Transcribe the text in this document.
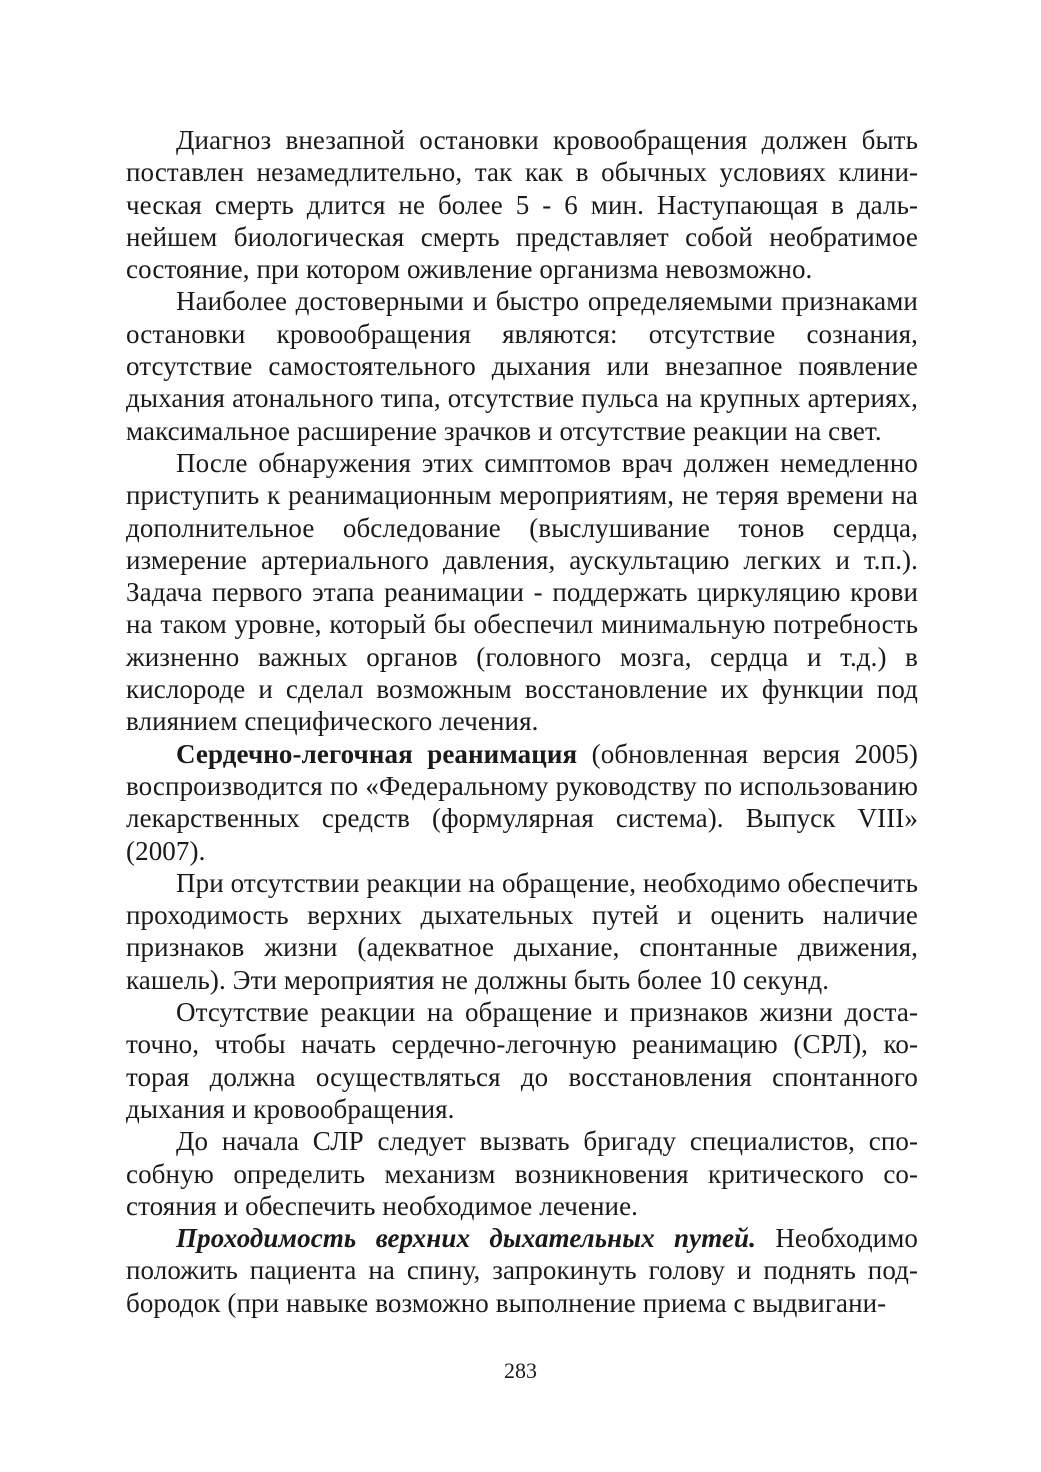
Диагноз внезапной остановки кровообращения должен быть поставлен незамедлительно, так как в обычных условиях клиническая смерть длится не более 5 - 6 мин. Наступающая в дальнейшем биологическая смерть представляет собой необратимое состояние, при котором оживление организма невозможно.

Наиболее достоверными и быстро определяемыми признаками остановки кровообращения являются: отсутствие сознания, отсутствие самостоятельного дыхания или внезапное появление дыхания атонального типа, отсутствие пульса на крупных артериях, максимальное расширение зрачков и отсутствие реакции на свет.

После обнаружения этих симптомов врач должен немедленно приступить к реанимационным мероприятиям, не теряя времени на дополнительное обследование (выслушивание тонов сердца, измерение артериального давления, аускультацию легких и т.п.). Задача первого этапа реанимации - поддержать циркуляцию крови на таком уровне, который бы обеспечил минимальную потребность жизненно важных органов (головного мозга, сердца и т.д.) в кислороде и сделал возможным восстановление их функции под влиянием специфического лечения.

Сердечно-легочная реанимация (обновленная версия 2005) воспроизводится по «Федеральному руководству по использованию лекарственных средств (формулярная система). Выпуск VIII» (2007).

При отсутствии реакции на обращение, необходимо обеспечить проходимость верхних дыхательных путей и оценить наличие признаков жизни (адекватное дыхание, спонтанные движения, кашель). Эти мероприятия не должны быть более 10 секунд.

Отсутствие реакции на обращение и признаков жизни достаточно, чтобы начать сердечно-легочную реанимацию (СРЛ), которая должна осуществляться до восстановления спонтанного дыхания и кровообращения.

До начала СЛР следует вызвать бригаду специалистов, способную определить механизм возникновения критического состояния и обеспечить необходимое лечение.

Проходимость верхних дыхательных путей. Необходимо положить пациента на спину, запрокинуть голову и поднять подбородок (при навыке возможно выполнение приема с выдвигани-

283
